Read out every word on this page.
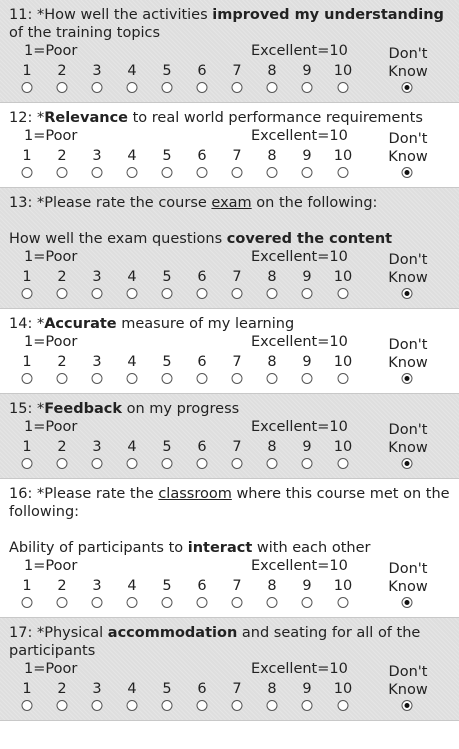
11: *How well the activities improved my understanding of the training topics
1=Poor	Excellent=10	Don't
Know
1	2	3	4	5	6	7	8	9	10
12: *Relevance to real world performance requirements
1=Poor	Excellent=10	Don't
Know
1	2	3	4	5	6	7	8	9	10
13: *Please rate the course exam on the following:
How well the exam questions covered the content
1=Poor	Excellent=10	Don't
Know
1	2	3	4	5	6	7	8	9	10
14: *Accurate measure of my learning
1=Poor	Excellent=10	Don't
Know
1	2	3	4	5	6	7	8	9	10
15: *Feedback on my progress
1=Poor	Excellent=10	Don't
Know
1	2	3	4	5	6	7	8	9	10
16: *Please rate the classroom where this course met on the following:
Ability of participants to interact with each other
1=Poor	Excellent=10	Don't
Know
1	2	3	4	5	6	7	8	9	10
17: *Physical accommodation and seating for all of the participants
1=Poor	Excellent=10	Don't
Know
1	2	3	4	5	6	7	8	9	10
